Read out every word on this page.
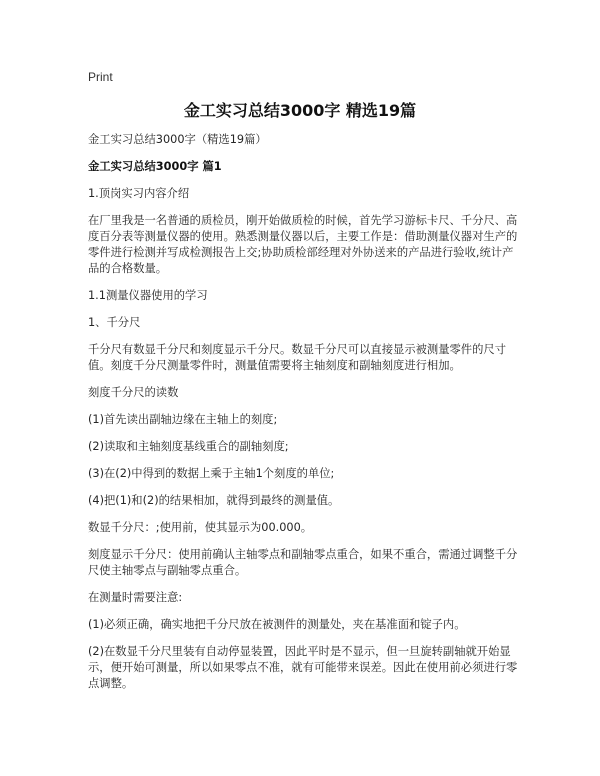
Print
金工实习总结3000字 精选19篇

金工实习总结3000字（精选19篇）

金工实习总结3000字 篇1

1.顶岗实习内容介绍

在厂里我是一名普通的质检员，刚开始做质检的时候，首先学习游标卡尺、千分尺、高度百分表等测量仪器的使用。熟悉测量仪器以后，主要工作是：借助测量仪器对生产的零件进行检测并写成检测报告上交;协助质检部经理对外协送来的产品进行验收,统计产品的合格数量。

1.1测量仪器使用的学习

1、千分尺

千分尺有数显千分尺和刻度显示千分尺。数显千分尺可以直接显示被测量零件的尺寸值。刻度千分尺测量零件时，测量值需要将主轴刻度和副轴刻度进行相加。

刻度千分尺的读数

(1)首先读出副轴边缘在主轴上的刻度;

(2)读取和主轴刻度基线重合的副轴刻度;

(3)在(2)中得到的数据上乘于主轴1个刻度的单位;

(4)把(1)和(2)的结果相加，就得到最终的测量值。

数显千分尺：;使用前，使其显示为00.000。

刻度显示千分尺：使用前确认主轴零点和副轴零点重合，如果不重合，需通过调整千分尺使主轴零点与副轴零点重合。

在测量时需要注意:

(1)必须正确，确实地把千分尺放在被测件的测量处，夹在基准面和锭子内。

(2)在数显千分尺里装有自动停显装置，因此平时是不显示，但一旦旋转副轴就开始显示，便开始可测量，所以如果零点不准，就有可能带来误差。因此在使用前必须进行零点调整。
